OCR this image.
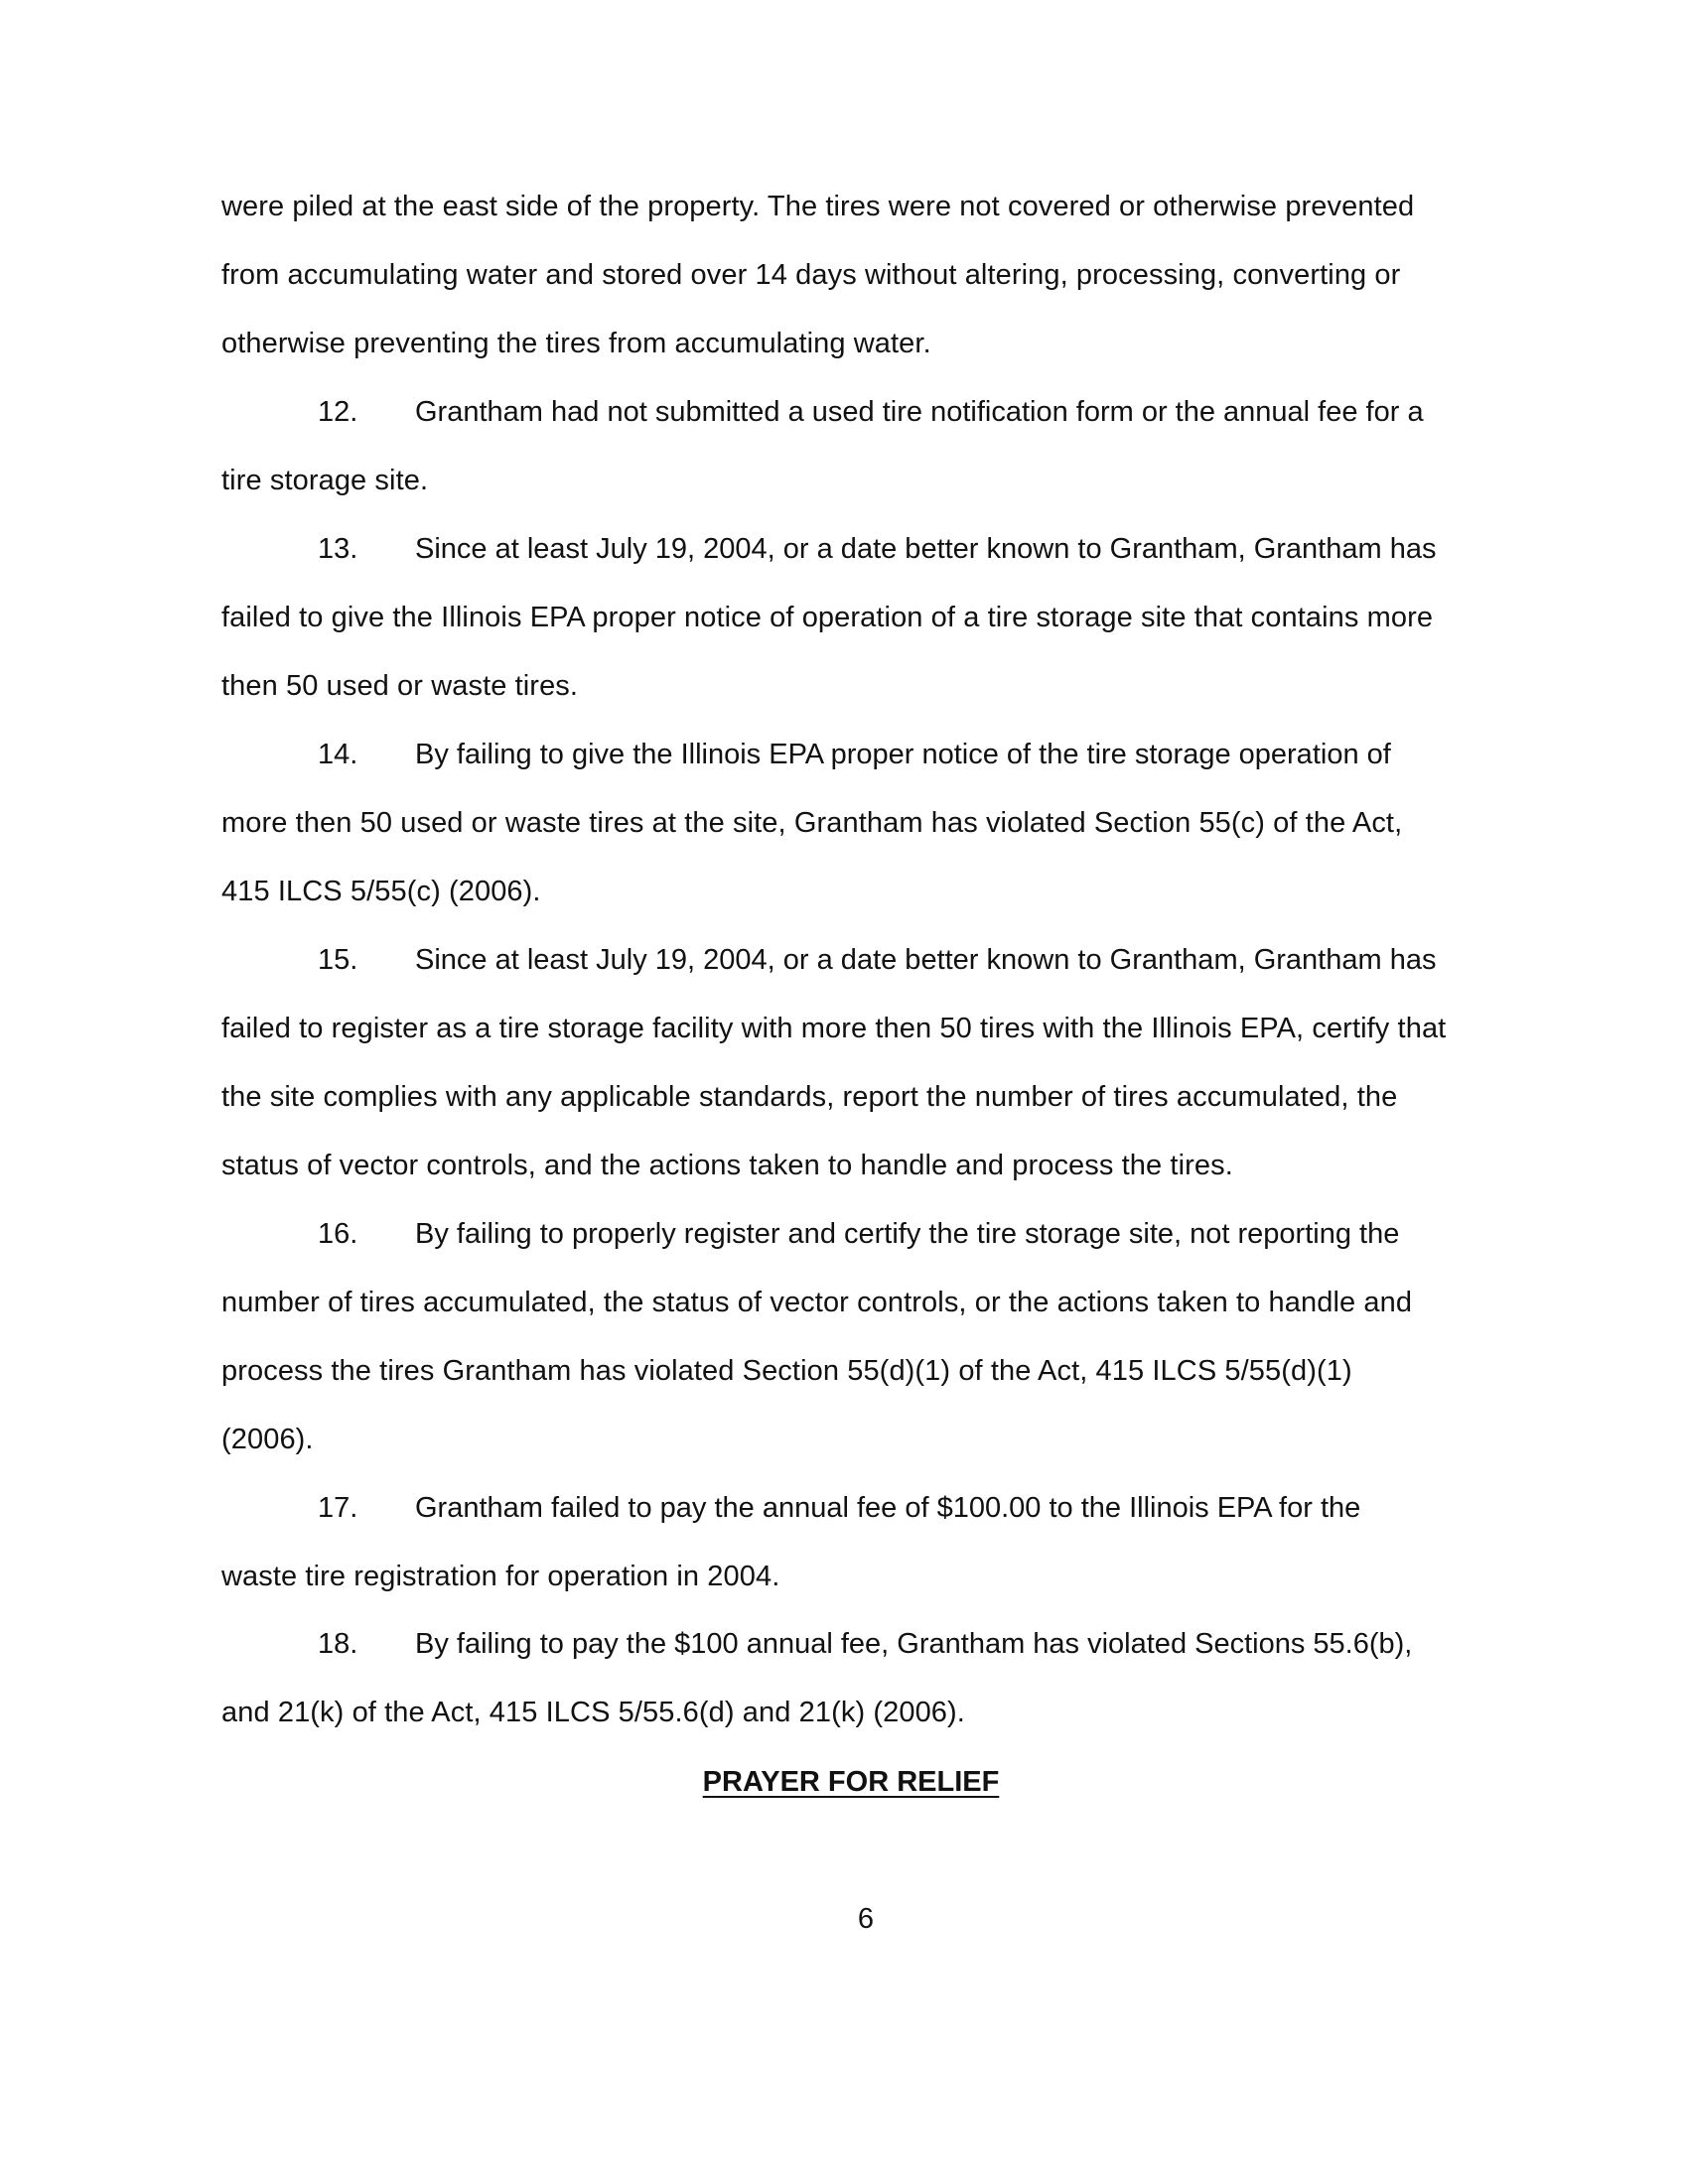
were piled at the east side of the property. The tires were not covered or otherwise prevented
from accumulating water and stored over 14 days without altering, processing, converting or
otherwise preventing the tires from accumulating water.
12. Grantham had not submitted a used tire notification form or the annual fee for a
tire storage site.
13. Since at least July 19, 2004, or a date better known to Grantham, Grantham has
failed to give the Illinois EPA proper notice of operation of a tire storage site that contains more
then 50 used or waste tires.
14. By failing to give the Illinois EPA proper notice of the tire storage operation of
more then 50 used or waste tires at the site, Grantham has violated Section 55(c) of the Act,
415 ILCS 5/55(c) (2006).
15. Since at least July 19, 2004, or a date better known to Grantham, Grantham has
failed to register as a tire storage facility with more then 50 tires with the Illinois EPA, certify that
the site complies with any applicable standards, report the number of tires accumulated, the
status of vector controls, and the actions taken to handle and process the tires.
16. By failing to properly register and certify the tire storage site, not reporting the
number of tires accumulated, the status of vector controls, or the actions taken to handle and
process the tires Grantham has violated Section 55(d)(1) of the Act, 415 ILCS 5/55(d)(1)
(2006).
17. Grantham failed to pay the annual fee of $100.00 to the Illinois EPA for the
waste tire registration for operation in 2004.
18. By failing to pay the $100 annual fee, Grantham has violated Sections 55.6(b),
and 21(k) of the Act, 415 ILCS 5/55.6(d) and 21(k) (2006).
PRAYER FOR RELIEF
6
